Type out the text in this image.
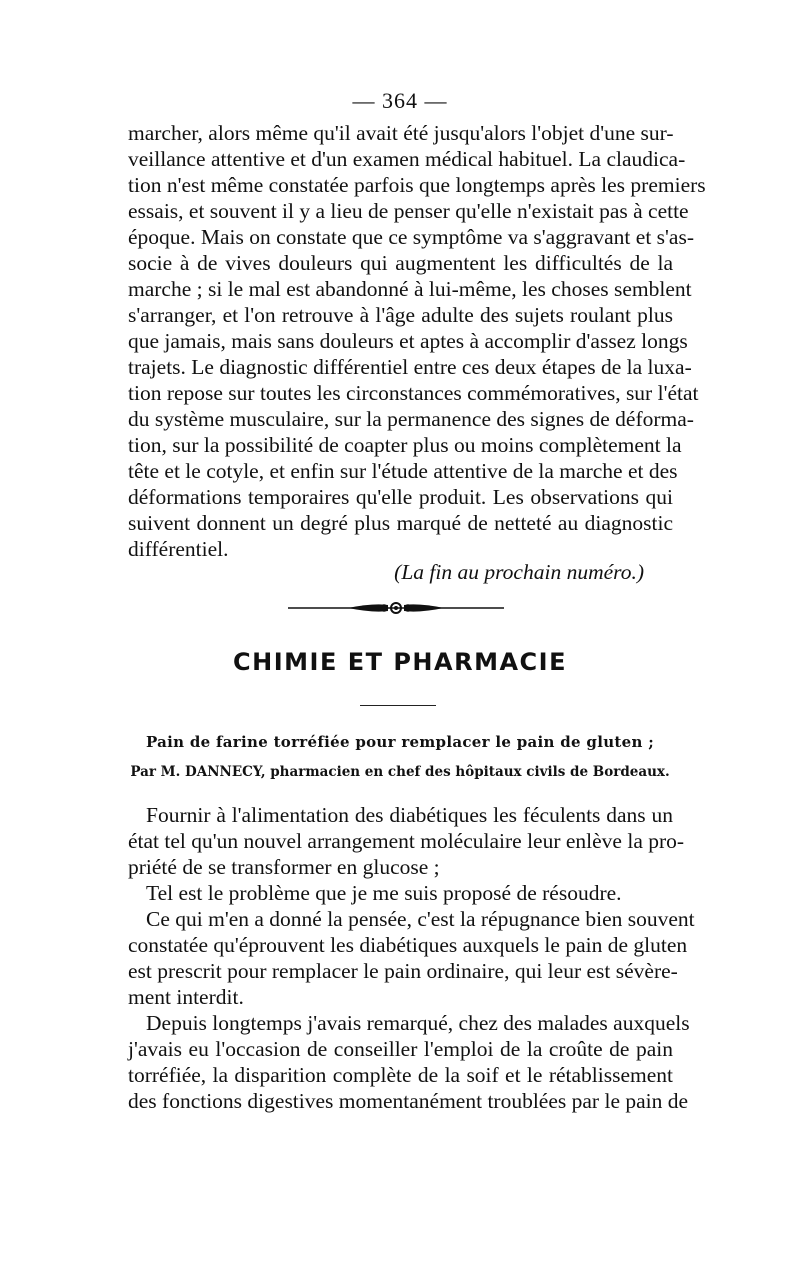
— 364 —
marcher, alors même qu'il avait été jusqu'alors l'objet d'une sur-
veillance attentive et d'un examen médical habituel. La claudica-
tion n'est même constatée parfois que longtemps après les premiers
essais, et souvent il y a lieu de penser qu'elle n'existait pas à cette
époque. Mais on constate que ce symptôme va s'aggravant et s'as-
socie à de vives douleurs qui augmentent les difficultés de la
marche ; si le mal est abandonné à lui-même, les choses semblent
s'arranger, et l'on retrouve à l'âge adulte des sujets roulant plus
que jamais, mais sans douleurs et aptes à accomplir d'assez longs
trajets. Le diagnostic différentiel entre ces deux étapes de la luxa-
tion repose sur toutes les circonstances commémoratives, sur l'état
du système musculaire, sur la permanence des signes de déforma-
tion, sur la possibilité de coapter plus ou moins complètement la
tête et le cotyle, et enfin sur l'étude attentive de la marche et des
déformations temporaires qu'elle produit. Les observations qui
suivent donnent un degré plus marqué de netteté au diagnostic
différentiel.
(La fin au prochain numéro.)
CHIMIE ET PHARMACIE
Pain de farine torréfiée pour remplacer le pain de gluten ;
Par M. DANNECY, pharmacien en chef des hôpitaux civils de Bordeaux.
Fournir à l'alimentation des diabétiques les féculents dans un
état tel qu'un nouvel arrangement moléculaire leur enlève la pro-
priété de se transformer en glucose ;
Tel est le problème que je me suis proposé de résoudre.
Ce qui m'en a donné la pensée, c'est la répugnance bien souvent
constatée qu'éprouvent les diabétiques auxquels le pain de gluten
est prescrit pour remplacer le pain ordinaire, qui leur est sévère-
ment interdit.
Depuis longtemps j'avais remarqué, chez des malades auxquels
j'avais eu l'occasion de conseiller l'emploi de la croûte de pain
torréfiée, la disparition complète de la soif et le rétablissement
des fonctions digestives momentanément troublées par le pain de
